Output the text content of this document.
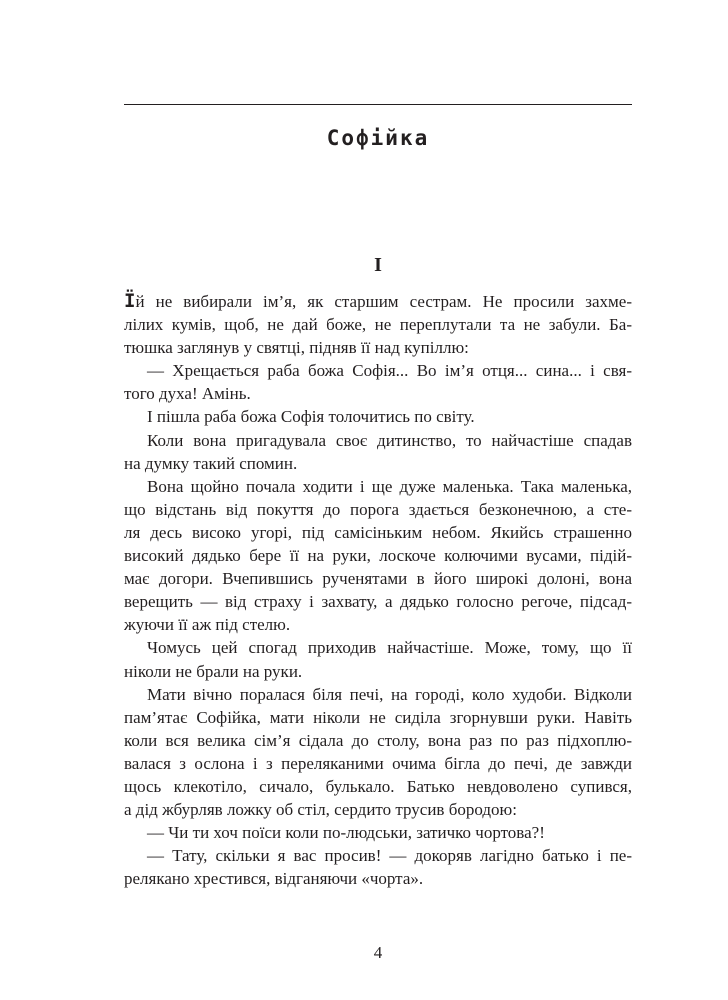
Софійка
I
Їй не вибирали ім’я, як старшим сестрам. Не просили захме-
лілих кумів, щоб, не дай боже, не переплутали та не забули. Ба-
тюшка заглянув у святці, підняв її над купіллю:
— Хрещається раба божа Софія... Во ім’я отця... сина... і свя-
того духа! Амінь.
І пішла раба божа Софія толочитись по світу.
Коли вона пригадувала своє дитинство, то найчастіше спадав
на думку такий спомин.
Вона щойно почала ходити і ще дуже маленька. Така маленька,
що відстань від покуття до порога здається безконечною, а сте-
ля десь високо угорі, під самісіньким небом. Якийсь страшенно
високий дядько бере її на руки, лоскоче колючими вусами, підій-
має догори. Вчепившись рученятами в його широкі долоні, вона
верещить — від страху і захвату, а дядько голосно регоче, підсад-
жуючи її аж під стелю.
Чомусь цей спогад приходив найчастіше. Може, тому, що її
ніколи не брали на руки.
Мати вічно поралася біля печі, на городі, коло худоби. Відколи
пам’ятає Софійка, мати ніколи не сиділа згорнувши руки. Навіть
коли вся велика сім’я сідала до столу, вона раз по раз підхоплю-
валася з ослона і з переляканими очима бігла до печі, де завжди
щось клекотіло, сичало, булькало. Батько невдоволено супився,
а дід жбурляв ложку об стіл, сердито трусив бородою:
— Чи ти хоч поїси коли по-людськи, затичко чортова?!
— Тату, скільки я вас просив! — докоряв лагідно батько і пе-
релякано хрестився, відганяючи «чорта».
4
